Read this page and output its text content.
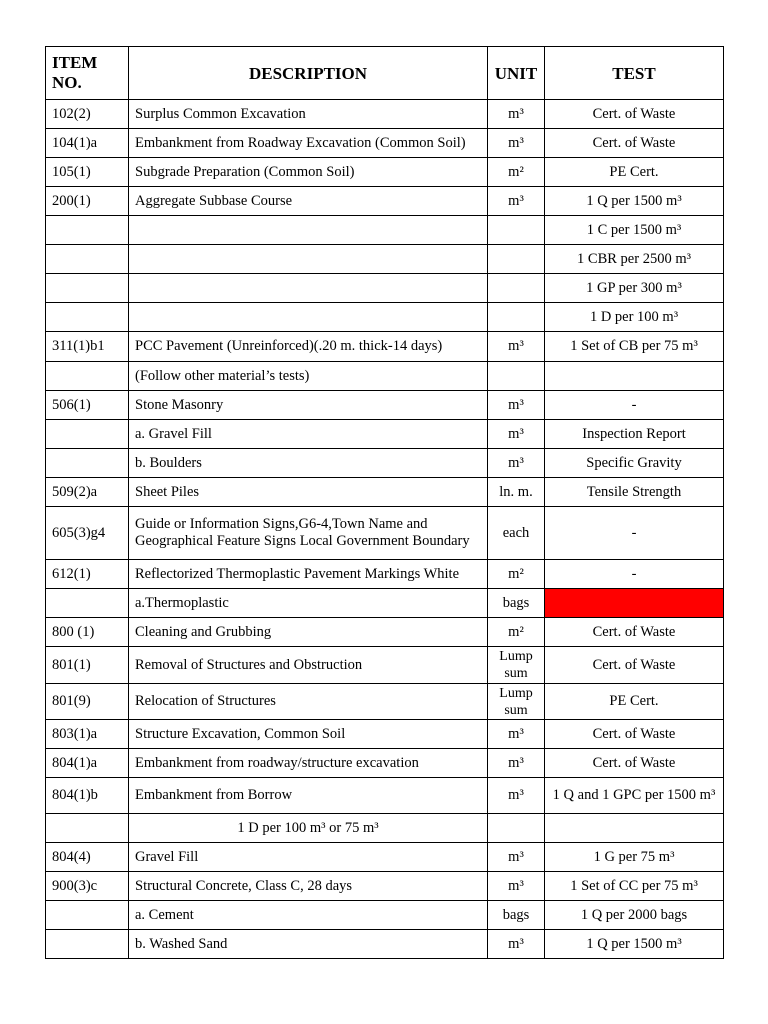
ITEM NO.	DESCRIPTION	UNIT	TEST
102(2)	Surplus Common Excavation	m³	Cert. of Waste
104(1)a	Embankment from Roadway Excavation (Common Soil)	m³	Cert. of Waste
105(1)	Subgrade Preparation (Common Soil)	m²	PE Cert.
200(1)	Aggregate Subbase Course	m³	1 Q per 1500 m³
			1 C per 1500 m³
			1 CBR per 2500 m³
			1 GP per 300 m³
			1 D per 100 m³
311(1)b1	PCC Pavement (Unreinforced)(.20 m. thick-14 days)	m³	1 Set of CB per 75 m³
	(Follow other material’s tests)		
506(1)	Stone Masonry	m³	-
	a. Gravel Fill	m³	Inspection Report
	b. Boulders	m³	Specific Gravity
509(2)a	Sheet Piles	ln. m.	Tensile Strength
605(3)g4	Guide or Information Signs,G6-4,Town Name and Geographical Feature Signs Local Government Boundary	each	-
612(1)	Reflectorized Thermoplastic Pavement Markings White	m²	-
	a.Thermoplastic	bags	
800 (1)	Cleaning and Grubbing	m²	Cert. of Waste
801(1)	Removal of Structures and Obstruction	Lump sum	Cert. of Waste
801(9)	Relocation of Structures	Lump sum	PE Cert.
803(1)a	Structure Excavation, Common Soil	m³	Cert. of Waste
804(1)a	Embankment from roadway/structure excavation	m³	Cert. of Waste
804(1)b	Embankment from Borrow	m³	1 Q and 1 GPC per 1500 m³
	1 D per 100 m³ or 75 m³		
804(4)	Gravel Fill	m³	1 G per 75 m³
900(3)c	Structural Concrete, Class C, 28 days	m³	1 Set of CC per 75 m³
	a. Cement	bags	1 Q per 2000 bags
	b. Washed Sand	m³	1 Q per 1500 m³
